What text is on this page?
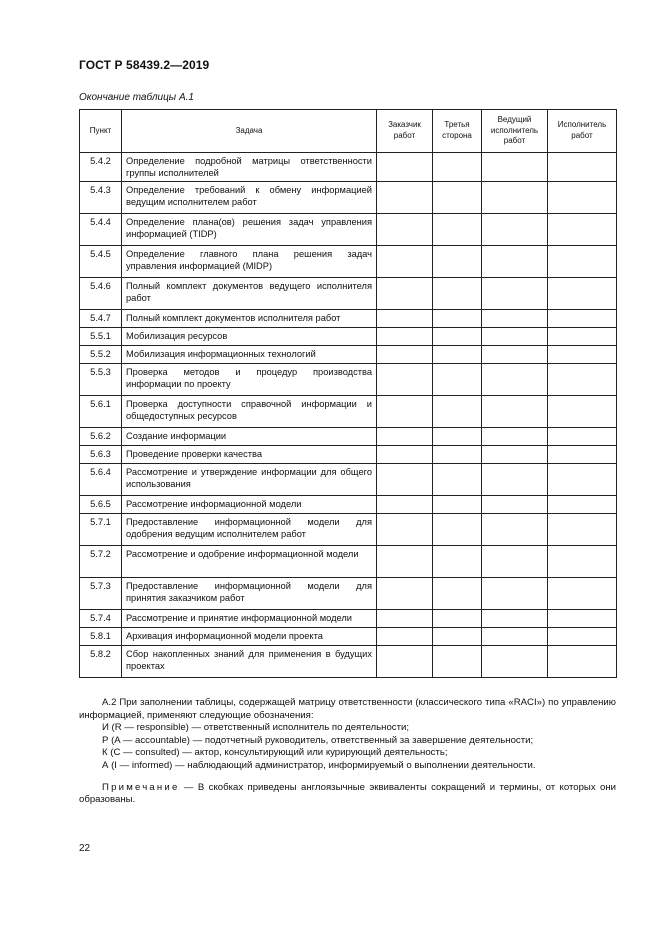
ГОСТ Р 58439.2—2019
Окончание таблицы А.1
Пункт	Задача	Заказчик работ	Третья сторона	Ведущий исполнитель работ	Исполнитель работ
5.4.2	Определение подробной матрицы ответственности группы исполнителей				
5.4.3	Определение требований к обмену информацией ведущим исполнителем работ				
5.4.4	Определение плана(ов) решения задач управления информацией (TIDP)				
5.4.5	Определение главного плана решения задач управления информацией (MIDP)				
5.4.6	Полный комплект документов ведущего исполнителя работ				
5.4.7	Полный комплект документов исполнителя работ				
5.5.1	Мобилизация ресурсов				
5.5.2	Мобилизация информационных технологий				
5.5.3	Проверка методов и процедур производства информации по проекту				
5.6.1	Проверка доступности справочной информации и общедоступных ресурсов				
5.6.2	Создание информации				
5.6.3	Проведение проверки качества				
5.6.4	Рассмотрение и утверждение информации для общего использования				
5.6.5	Рассмотрение информационной модели				
5.7.1	Предоставление информационной модели для одобрения ведущим исполнителем работ				
5.7.2	Рассмотрение и одобрение информационной модели				
5.7.3	Предоставление информационной модели для принятия заказчиком работ				
5.7.4	Рассмотрение и принятие информационной модели				
5.8.1	Архивация информационной модели проекта				
5.8.2	Сбор накопленных знаний для применения в будущих проектах				

А.2 При заполнении таблицы, содержащей матрицу ответственности (классического типа «RACI») по управлению информацией, применяют следующие обозначения:

И (R — responsible) — ответственный исполнитель по деятельности;

Р (A — accountable) — подотчетный руководитель, ответственный за завершение деятельности;

К (C — consulted) — актор, консультирующий или курирующий деятельность;

А (I — informed) — наблюдающий администратор, информируемый о выполнении деятельности.

Примечание — В скобках приведены англоязычные эквиваленты сокращений и термины, от которых они образованы.

22
